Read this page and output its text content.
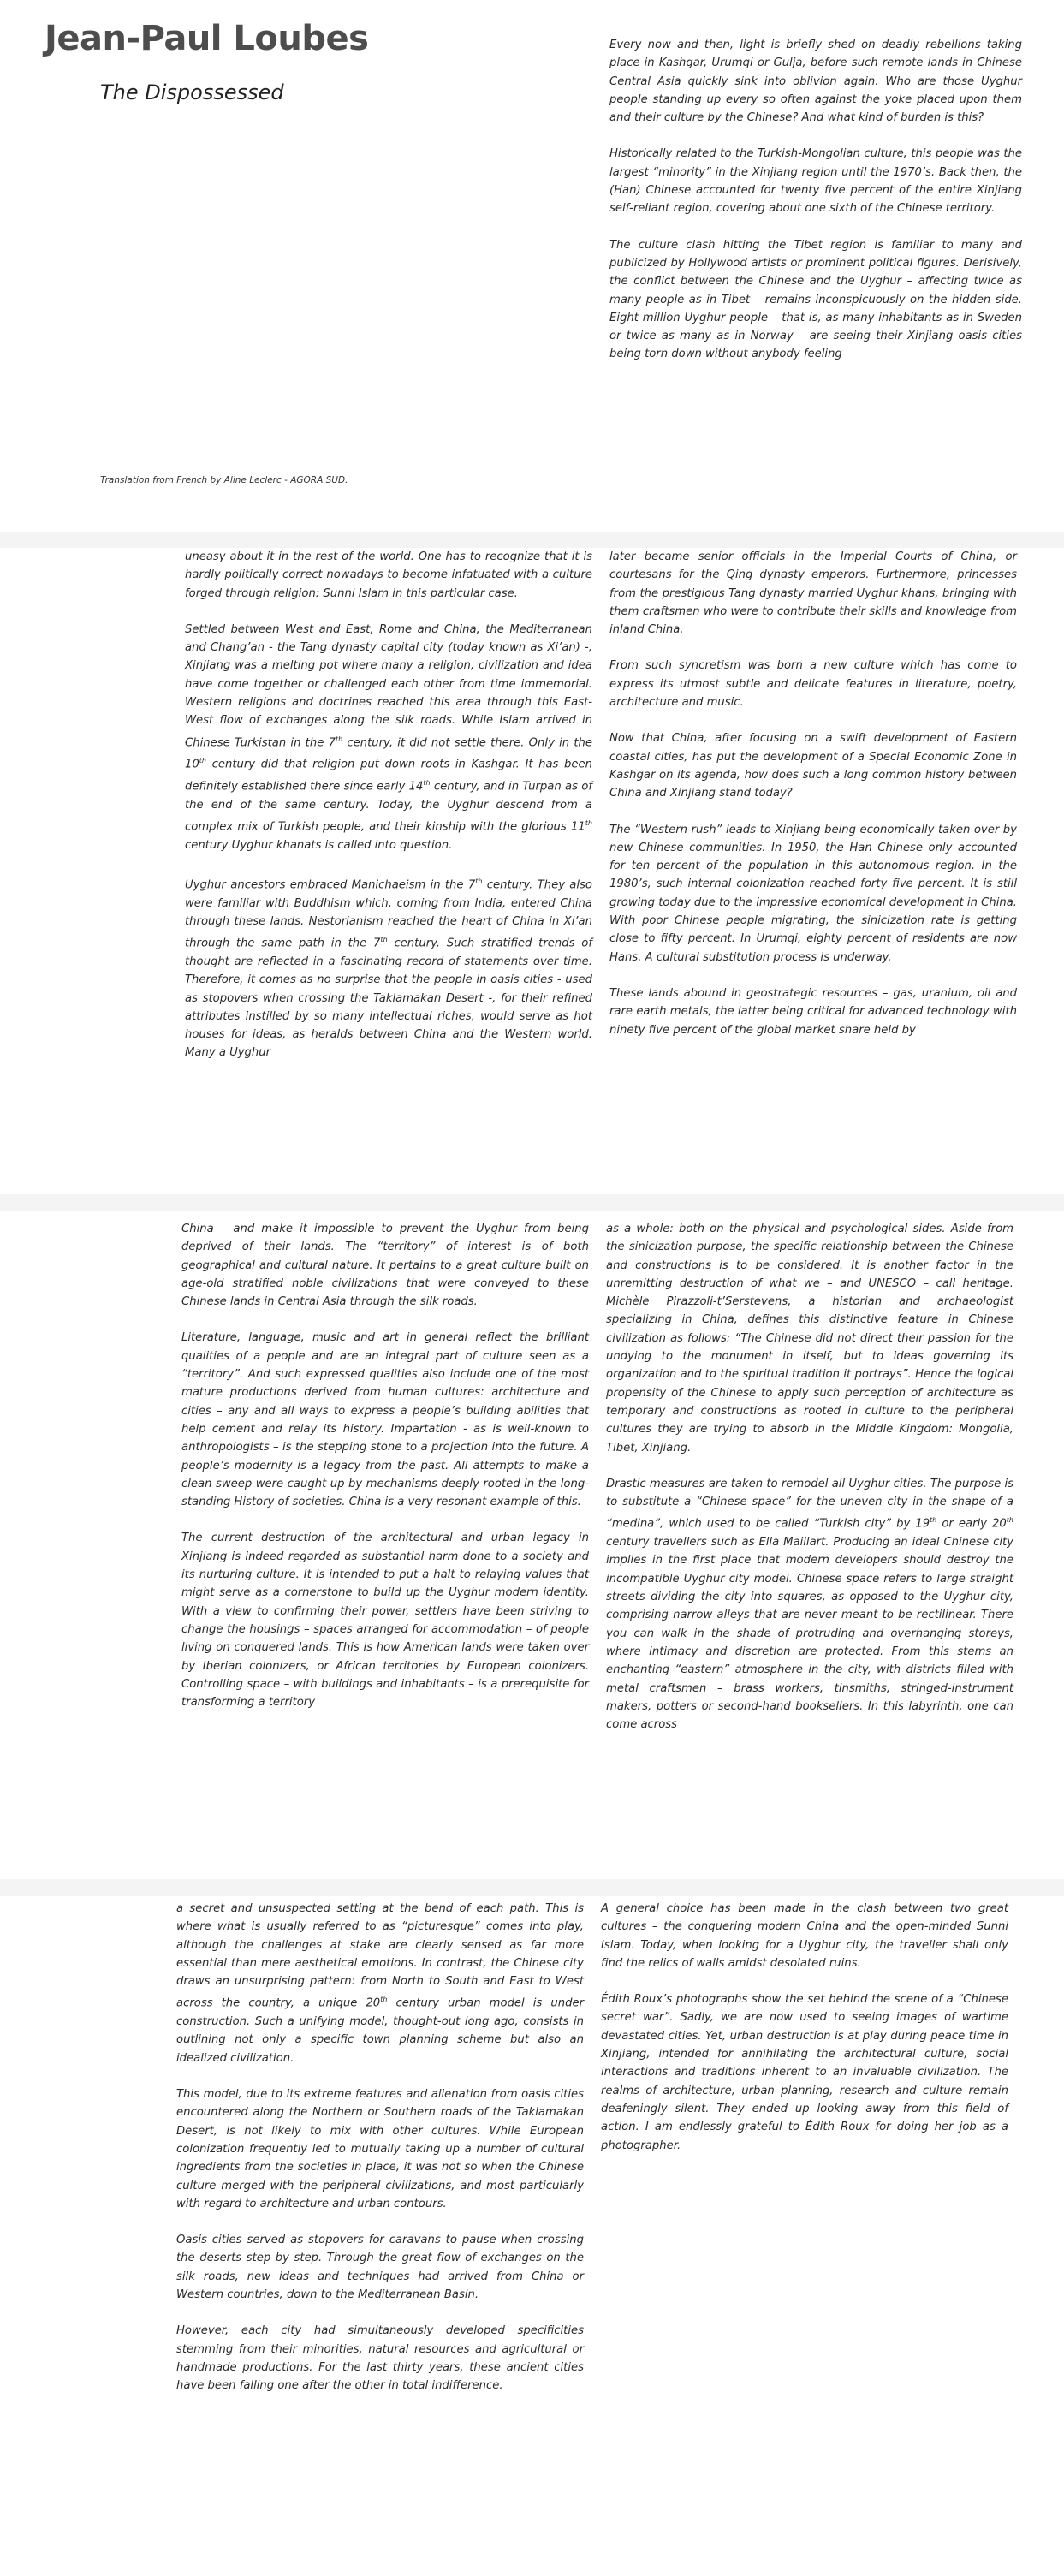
Jean-Paul Loubes
The Dispossessed
Translation from French by Aline Leclerc - AGORA SUD.

Every now and then, light is briefly shed on deadly rebellions taking place in Kashgar, Urumqi or Gulja, before such remote lands in Chinese Central Asia quickly sink into oblivion again. Who are those Uyghur people standing up every so often against the yoke placed upon them and their culture by the Chinese? And what kind of burden is this?

Historically related to the Turkish-Mongolian culture, this people was the largest “minority” in the Xinjiang region until the 1970’s. Back then, the (Han) Chinese accounted for twenty five percent of the entire Xinjiang self-reliant region, covering about one sixth of the Chinese territory.

The culture clash hitting the Tibet region is familiar to many and publicized by Hollywood artists or prominent political figures. Derisively, the conflict between the Chinese and the Uyghur – affecting twice as many people as in Tibet – remains inconspicuously on the hidden side. Eight million Uyghur people – that is, as many inhabitants as in Sweden or twice as many as in Norway – are seeing their Xinjiang oasis cities being torn down without anybody feeling

uneasy about it in the rest of the world. One has to recognize that it is hardly politically correct nowadays to become infatuated with a culture forged through religion: Sunni Islam in this particular case.

Settled between West and East, Rome and China, the Mediterranean and Chang’an - the Tang dynasty capital city (today known as Xi’an) -, Xinjiang was a melting pot where many a religion, civilization and idea have come together or challenged each other from time immemorial. Western religions and doctrines reached this area through this East-West flow of exchanges along the silk roads. While Islam arrived in Chinese Turkistan in the 7th century, it did not settle there. Only in the 10th century did that religion put down roots in Kashgar. It has been definitely established there since early 14th century, and in Turpan as of the end of the same century. Today, the Uyghur descend from a complex mix of Turkish people, and their kinship with the glorious 11th century Uyghur khanats is called into question.

Uyghur ancestors embraced Manichaeism in the 7th century. They also were familiar with Buddhism which, coming from India, entered China through these lands. Nestorianism reached the heart of China in Xi’an through the same path in the 7th century. Such stratified trends of thought are reflected in a fascinating record of statements over time. Therefore, it comes as no surprise that the people in oasis cities - used as stopovers when crossing the Taklamakan Desert -, for their refined attributes instilled by so many intellectual riches, would serve as hot houses for ideas, as heralds between China and the Western world. Many a Uyghur

later became senior officials in the Imperial Courts of China, or courtesans for the Qing dynasty emperors. Furthermore, princesses from the prestigious Tang dynasty married Uyghur khans, bringing with them craftsmen who were to contribute their skills and knowledge from inland China.

From such syncretism was born a new culture which has come to express its utmost subtle and delicate features in literature, poetry, architecture and music.

Now that China, after focusing on a swift development of Eastern coastal cities, has put the development of a Special Economic Zone in Kashgar on its agenda, how does such a long common history between China and Xinjiang stand today?

The “Western rush” leads to Xinjiang being economically taken over by new Chinese communities. In 1950, the Han Chinese only accounted for ten percent of the population in this autonomous region. In the 1980’s, such internal colonization reached forty five percent. It is still growing today due to the impressive economical development in China. With poor Chinese people migrating, the sinicization rate is getting close to fifty percent. In Urumqi, eighty percent of residents are now Hans. A cultural substitution process is underway.

These lands abound in geostrategic resources – gas, uranium, oil and rare earth metals, the latter being critical for advanced technology with ninety five percent of the global market share held by

China – and make it impossible to prevent the Uyghur from being deprived of their lands. The “territory” of interest is of both geographical and cultural nature. It pertains to a great culture built on age-old stratified noble civilizations that were conveyed to these Chinese lands in Central Asia through the silk roads.

Literature, language, music and art in general reflect the brilliant qualities of a people and are an integral part of culture seen as a “territory”. And such expressed qualities also include one of the most mature productions derived from human cultures: architecture and cities – any and all ways to express a people’s building abilities that help cement and relay its history. Impartation - as is well-known to anthropologists – is the stepping stone to a projection into the future. A people’s modernity is a legacy from the past. All attempts to make a clean sweep were caught up by mechanisms deeply rooted in the long-standing History of societies. China is a very resonant example of this.

The current destruction of the architectural and urban legacy in Xinjiang is indeed regarded as substantial harm done to a society and its nurturing culture. It is intended to put a halt to relaying values that might serve as a cornerstone to build up the Uyghur modern identity. With a view to confirming their power, settlers have been striving to change the housings – spaces arranged for accommodation – of people living on conquered lands. This is how American lands were taken over by Iberian colonizers, or African territories by European colonizers. Controlling space – with buildings and inhabitants – is a prerequisite for transforming a territory

as a whole: both on the physical and psychological sides. Aside from the sinicization purpose, the specific relationship between the Chinese and constructions is to be considered. It is another factor in the unremitting destruction of what we – and UNESCO – call heritage. Michèle Pirazzoli-t’Serstevens, a historian and archaeologist specializing in China, defines this distinctive feature in Chinese civilization as follows: “The Chinese did not direct their passion for the undying to the monument in itself, but to ideas governing its organization and to the spiritual tradition it portrays”. Hence the logical propensity of the Chinese to apply such perception of architecture as temporary and constructions as rooted in culture to the peripheral cultures they are trying to absorb in the Middle Kingdom: Mongolia, Tibet, Xinjiang.

Drastic measures are taken to remodel all Uyghur cities. The purpose is to substitute a “Chinese space” for the uneven city in the shape of a “medina”, which used to be called “Turkish city” by 19th or early 20th century travellers such as Ella Maillart. Producing an ideal Chinese city implies in the first place that modern developers should destroy the incompatible Uyghur city model. Chinese space refers to large straight streets dividing the city into squares, as opposed to the Uyghur city, comprising narrow alleys that are never meant to be rectilinear. There you can walk in the shade of protruding and overhanging storeys, where intimacy and discretion are protected. From this stems an enchanting “eastern” atmosphere in the city, with districts filled with metal craftsmen – brass workers, tinsmiths, stringed-instrument makers, potters or second-hand booksellers. In this labyrinth, one can come across

a secret and unsuspected setting at the bend of each path. This is where what is usually referred to as “picturesque” comes into play, although the challenges at stake are clearly sensed as far more essential than mere aesthetical emotions. In contrast, the Chinese city draws an unsurprising pattern: from North to South and East to West across the country, a unique 20th century urban model is under construction. Such a unifying model, thought-out long ago, consists in outlining not only a specific town planning scheme but also an idealized civilization.

This model, due to its extreme features and alienation from oasis cities encountered along the Northern or Southern roads of the Taklamakan Desert, is not likely to mix with other cultures. While European colonization frequently led to mutually taking up a number of cultural ingredients from the societies in place, it was not so when the Chinese culture merged with the peripheral civilizations, and most particularly with regard to architecture and urban contours.

Oasis cities served as stopovers for caravans to pause when crossing the deserts step by step. Through the great flow of exchanges on the silk roads, new ideas and techniques had arrived from China or Western countries, down to the Mediterranean Basin.

However, each city had simultaneously developed specificities stemming from their minorities, natural resources and agricultural or handmade productions. For the last thirty years, these ancient cities have been falling one after the other in total indifference.

A general choice has been made in the clash between two great cultures – the conquering modern China and the open-minded Sunni Islam. Today, when looking for a Uyghur city, the traveller shall only find the relics of walls amidst desolated ruins.

Édith Roux’s photographs show the set behind the scene of a “Chinese secret war”. Sadly, we are now used to seeing images of wartime devastated cities. Yet, urban destruction is at play during peace time in Xinjiang, intended for annihilating the architectural culture, social interactions and traditions inherent to an invaluable civilization. The realms of architecture, urban planning, research and culture remain deafeningly silent. They ended up looking away from this field of action. I am endlessly grateful to Édith Roux for doing her job as a photographer.
